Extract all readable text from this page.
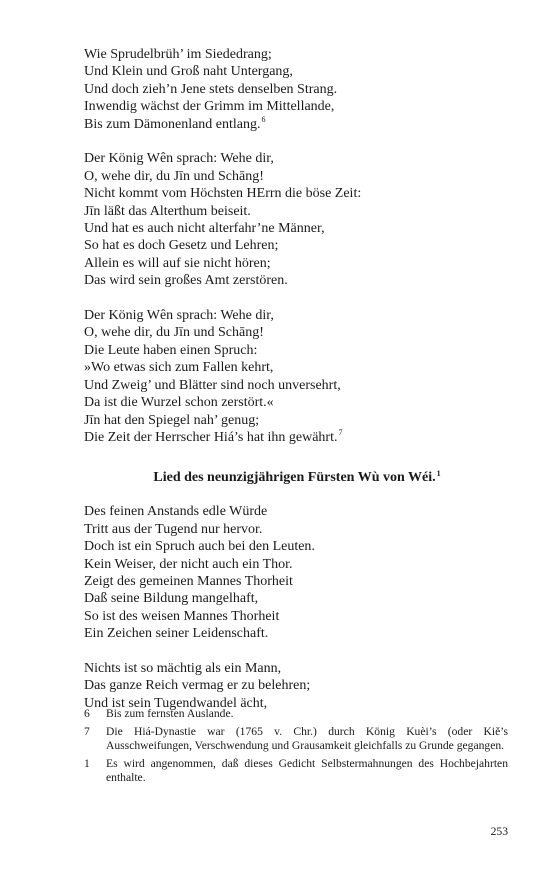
Wie Sprudelbrüh’ im Siededrang;
Und Klein und Groß naht Untergang,
Und doch zieh’n Jene stets denselben Strang.
Inwendig wächst der Grimm im Mittellande,
Bis zum Dämonenland entlang.$^6$
Der König Wên sprach: Wehe dir,
O, wehe dir, du Jīn und Schāng!
Nicht kommt vom Höchsten HErrn die böse Zeit:
Jīn läßt das Alterthum beiseit.
Und hat es auch nicht alterfahr’ne Männer,
So hat es doch Gesetz und Lehren;
Allein es will auf sie nicht hören;
Das wird sein großes Amt zerstören.
Der König Wên sprach: Wehe dir,
O, wehe dir, du Jīn und Schāng!
Die Leute haben einen Spruch:
»Wo etwas sich zum Fallen kehrt,
Und Zweig’ und Blätter sind noch unversehrt,
Da ist die Wurzel schon zerstört.«
Jīn hat den Spiegel nah’ genug;
Die Zeit der Herrscher Hiá’s hat ihn gewährt.$^7$
Lied des neunzigjährigen Fürsten Wù von Wéi.$^1$
Des feinen Anstands edle Würde
Tritt aus der Tugend nur hervor.
Doch ist ein Spruch auch bei den Leuten.
Kein Weiser, der nicht auch ein Thor.
Zeigt des gemeinen Mannes Thorheit
Daß seine Bildung mangelhaft,
So ist des weisen Mannes Thorheit
Ein Zeichen seiner Leidenschaft.
Nichts ist so mächtig als ein Mann,
Das ganze Reich vermag er zu belehren;
Und ist sein Tugendwandel ächt,
6	Bis zum fernsten Auslande.
7	Die Hiá-Dynastie war (1765 v. Chr.) durch König Kuèi’s (oder Kiě’s Ausschweifungen, Verschwendung und Grausamkeit gleichfalls zu Grunde gegangen.
1	Es wird angenommen, daß dieses Gedicht Selbstermahnungen des Hochbejahrten enthalte.
253
